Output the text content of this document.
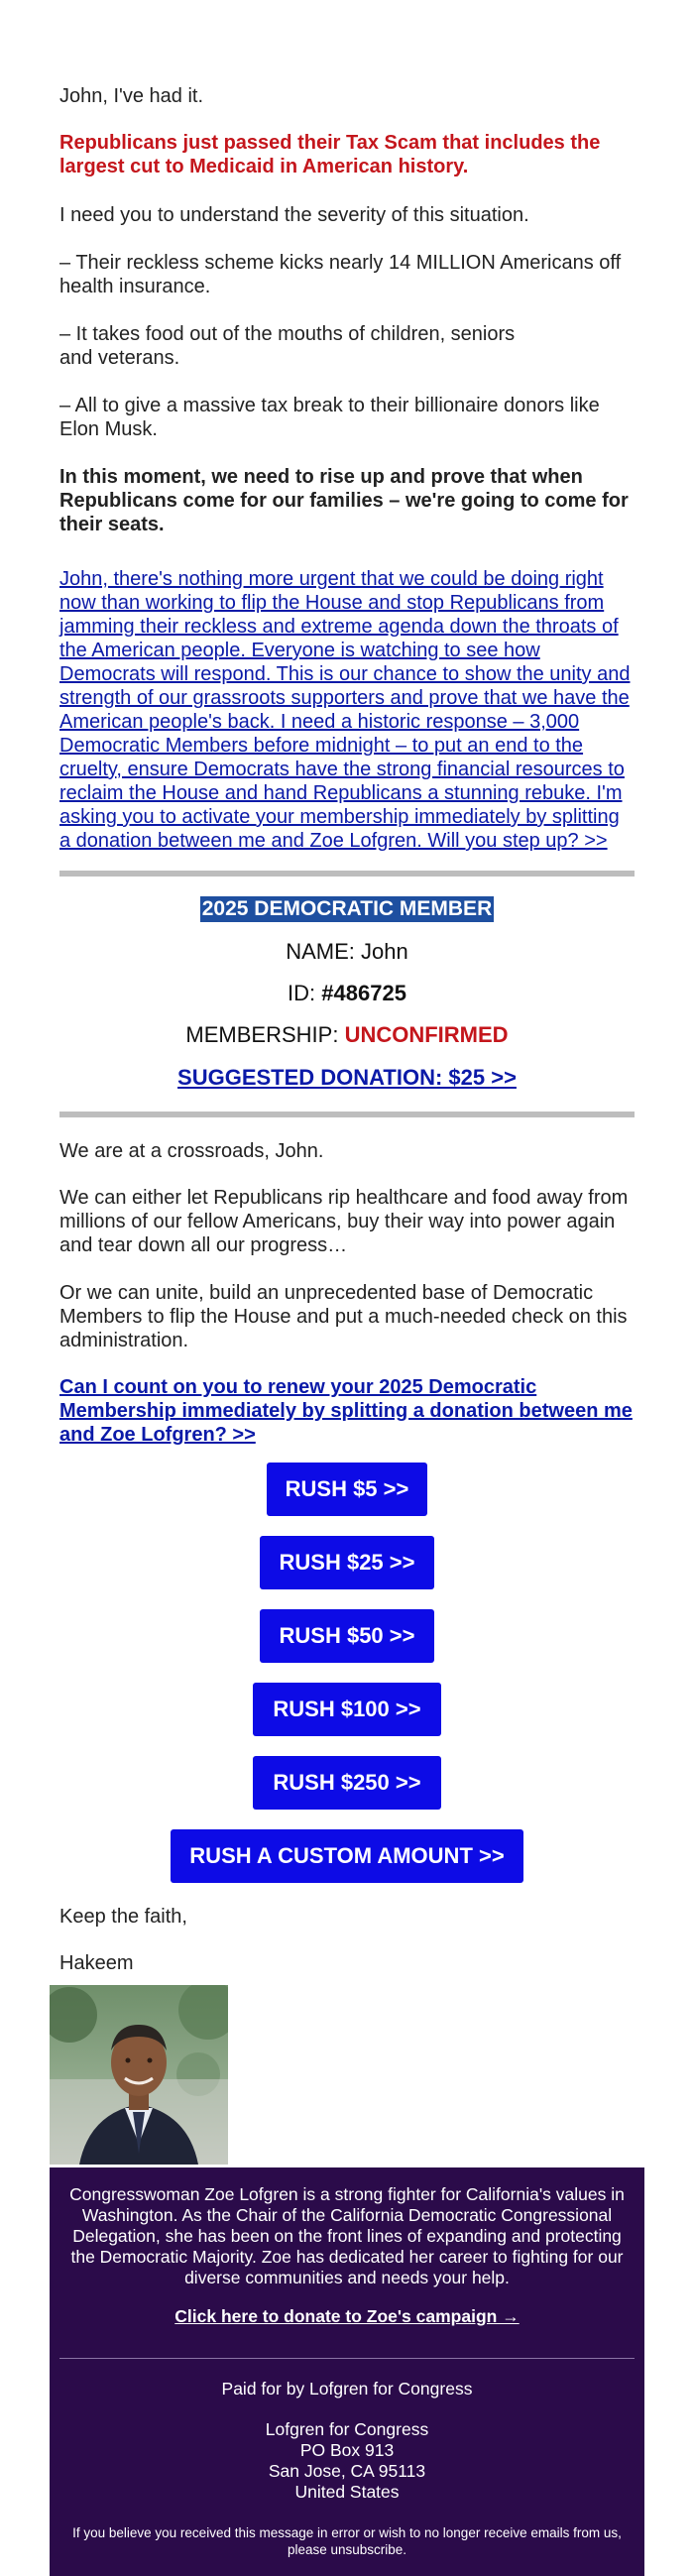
John, I've had it.

Republicans just passed their Tax Scam that includes the largest cut to Medicaid in American history.

I need you to understand the severity of this situation.

– Their reckless scheme kicks nearly 14 MILLION Americans off health insurance.

– It takes food out of the mouths of children, seniors

and veterans.

– All to give a massive tax break to their billionaire donors like Elon Musk.

In this moment, we need to rise up and prove that when Republicans come for our families – we're going to come for their seats.

John, there's nothing more urgent that we could be doing right now than working to flip the House and stop Republicans from jamming their reckless and extreme agenda down the throats of the American people. Everyone is watching to see how Democrats will respond. This is our chance to show the unity and strength of our grassroots supporters and prove that we have the American people's back. I need a historic response – 3,000 Democratic Members before midnight – to put an end to the cruelty, ensure Democrats have the strong financial resources to reclaim the House and hand Republicans a stunning rebuke. I'm asking you to activate your membership immediately by splitting a donation between me and Zoe Lofgren. Will you step up? >>

2025 DEMOCRATIC MEMBER
NAME: John
ID: #486725
MEMBERSHIP: UNCONFIRMED
SUGGESTED DONATION: $25 >>

We are at a crossroads, John.

We can either let Republicans rip healthcare and food away from millions of our fellow Americans, buy their way into power again and tear down all our progress…

Or we can unite, build an unprecedented base of Democratic Members to flip the House and put a much-needed check on this administration.

Can I count on you to renew your 2025 Democratic Membership immediately by splitting a donation between me and Zoe Lofgren? >>

RUSH $5 >>
RUSH $25 >>
RUSH $50 >>
RUSH $100 >>
RUSH $250 >>
RUSH A CUSTOM AMOUNT >>

Keep the faith,

Hakeem

Congresswoman Zoe Lofgren is a strong fighter for California's values in Washington. As the Chair of the California Democratic Congressional Delegation, she has been on the front lines of expanding and protecting the Democratic Majority. Zoe has dedicated her career to fighting for our diverse communities and needs your help.

Click here to donate to Zoe's campaign →

Paid for by Lofgren for Congress

Lofgren for Congress

PO Box 913

San Jose, CA 95113

United States

If you believe you received this message in error or wish to no longer receive emails from us, please unsubscribe.
